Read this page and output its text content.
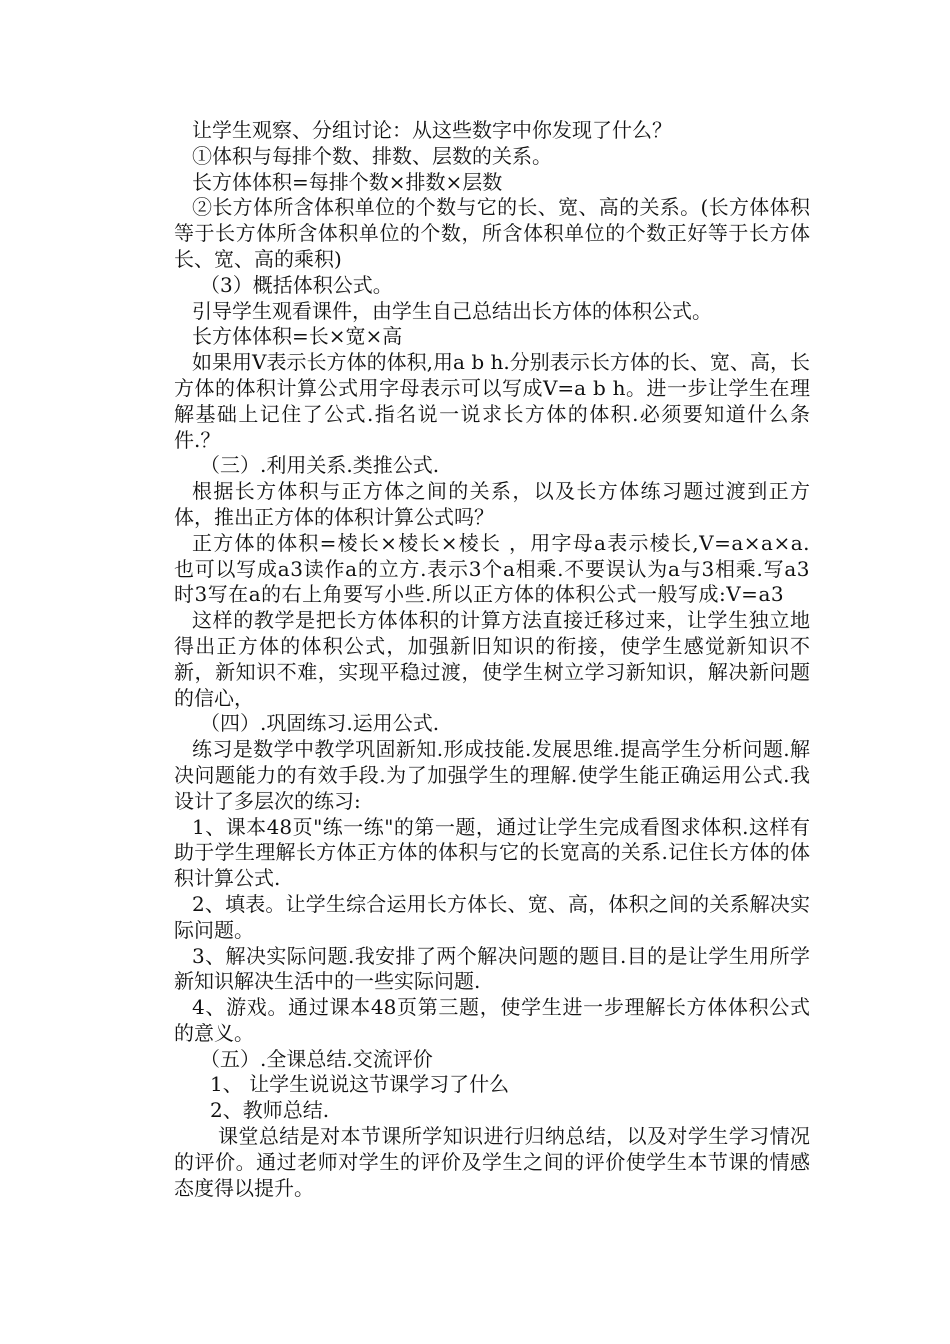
让学生观察、分组讨论：从这些数字中你发现了什么？

①体积与每排个数、排数、层数的关系。

长方体体积=每排个数×排数×层数

②长方体所含体积单位的个数与它的长、宽、高的关系。(长方体体积等于长方体所含体积单位的个数，所含体积单位的个数正好等于长方体长、宽、高的乘积)

（3）概括体积公式。

引导学生观看课件，由学生自己总结出长方体的体积公式。

长方体体积=长×宽×高

如果用V表示长方体的体积,用a b h.分别表示长方体的长、宽、高，长方体的体积计算公式用字母表示可以写成V=a b h。进一步让学生在理解基础上记住了公式.指名说一说求长方体的体积.必须要知道什么条件.？

（三）.利用关系.类推公式.

根据长方体积与正方体之间的关系，以及长方体练习题过渡到正方体，推出正方体的体积计算公式吗？

正方体的体积=棱长×棱长×棱长 ，用字母a表示棱长,V=a×a×a.也可以写成a3读作a的立方.表示3个a相乘.不要误认为a与3相乘.写a3时3写在a的右上角要写小些.所以正方体的体积公式一般写成:V=a3

这样的教学是把长方体体积的计算方法直接迁移过来，让学生独立地得出正方体的体积公式，加强新旧知识的衔接，使学生感觉新知识不新，新知识不难，实现平稳过渡，使学生树立学习新知识，解决新问题的信心，

（四）.巩固练习.运用公式.

练习是数学中教学巩固新知.形成技能.发展思维.提高学生分析问题.解决问题能力的有效手段.为了加强学生的理解.使学生能正确运用公式.我设计了多层次的练习:

1、课本48页"练一练"的第一题，通过让学生完成看图求体积.这样有助于学生理解长方体正方体的体积与它的长宽高的关系.记住长方体的体积计算公式.

2、填表。让学生综合运用长方体长、宽、高，体积之间的关系解决实际问题。

3、解决实际问题.我安排了两个解决问题的题目.目的是让学生用所学新知识解决生活中的一些实际问题.

4、游戏。通过课本48页第三题，使学生进一步理解长方体体积公式的意义。

（五）.全课总结.交流评价

1、 让学生说说这节课学习了什么

2、教师总结.

课堂总结是对本节课所学知识进行归纳总结，以及对学生学习情况的评价。通过老师对学生的评价及学生之间的评价使学生本节课的情感态度得以提升。
